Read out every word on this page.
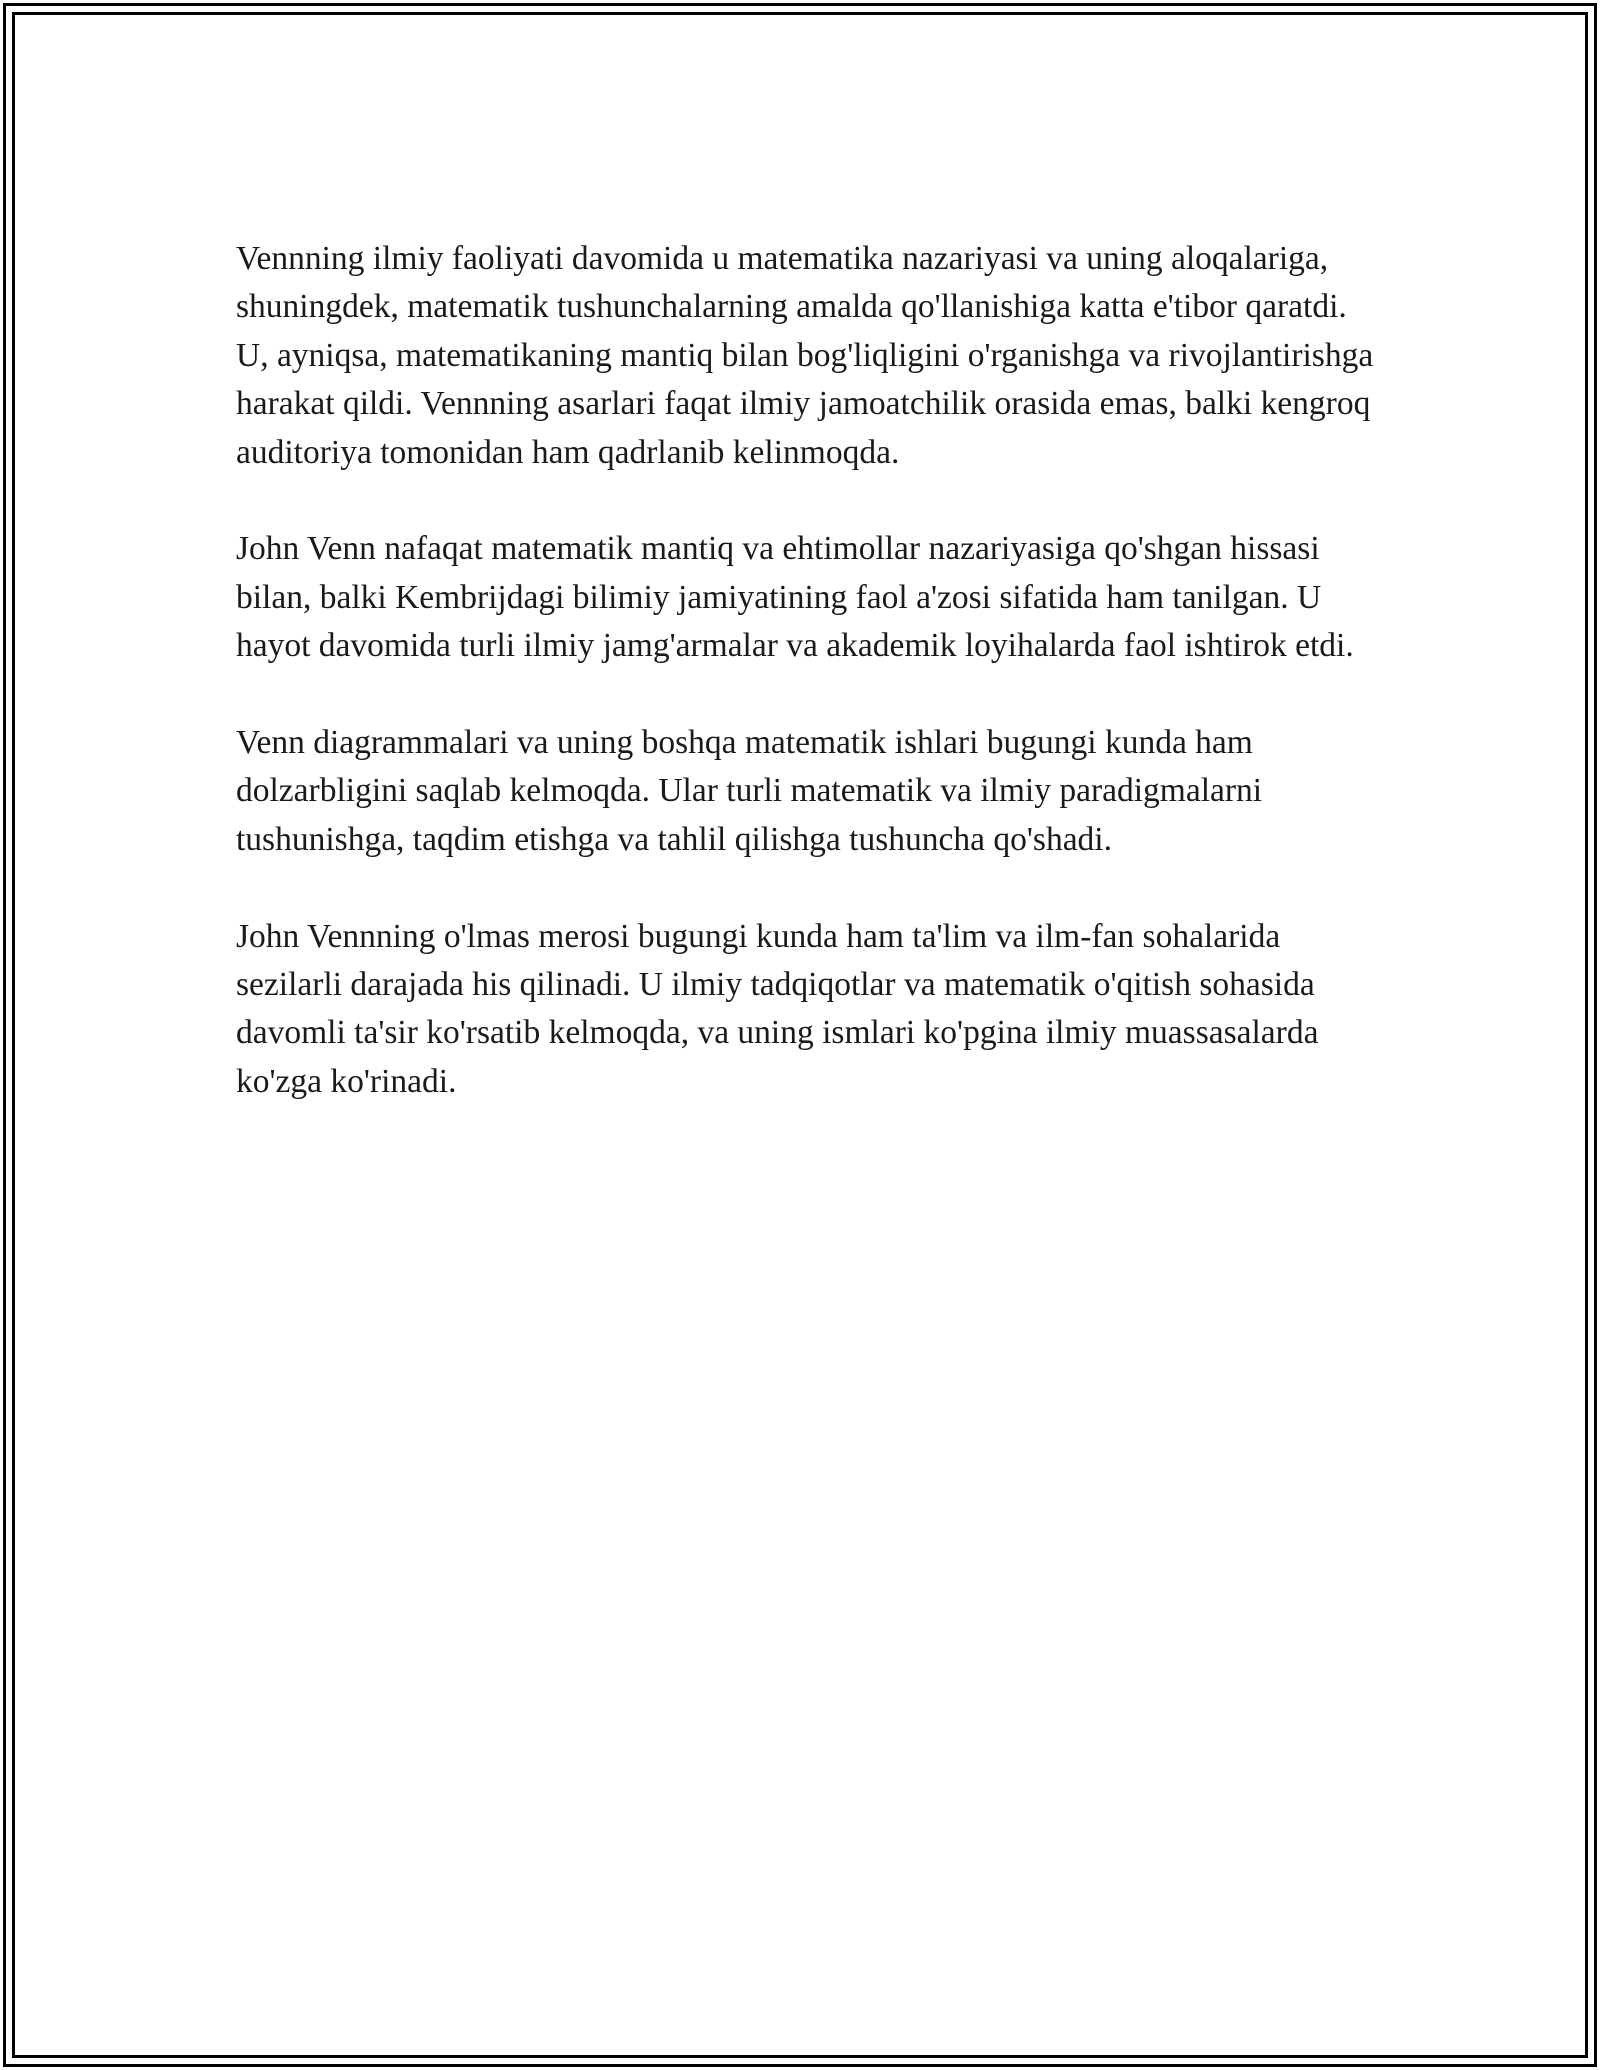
Vennning ilmiy faoliyati davomida u matematika nazariyasi va uning aloqalariga, shuningdek, matematik tushunchalarning amalda qo'llanishiga katta e'tibor qaratdi. U, ayniqsa, matematikaning mantiq bilan bog'liqligini o'rganishga va rivojlantirishga harakat qildi. Vennning asarlari faqat ilmiy jamoatchilik orasida emas, balki kengroq auditoriya tomonidan ham qadrlanib kelinmoqda.

John Venn nafaqat matematik mantiq va ehtimollar nazariyasiga qo'shgan hissasi bilan, balki Kembrijdagi bilimiy jamiyatining faol a'zosi sifatida ham tanilgan. U hayot davomida turli ilmiy jamg'armalar va akademik loyihalarda faol ishtirok etdi.

Venn diagrammalari va uning boshqa matematik ishlari bugungi kunda ham dolzarbligini saqlab kelmoqda. Ular turli matematik va ilmiy paradigmalarni tushunishga, taqdim etishga va tahlil qilishga tushuncha qo'shadi.

John Vennning o'lmas merosi bugungi kunda ham ta'lim va ilm-fan sohalarida sezilarli darajada his qilinadi. U ilmiy tadqiqotlar va matematik o'qitish sohasida davomli ta'sir ko'rsatib kelmoqda, va uning ismlari ko'pgina ilmiy muassasalarda ko'zga ko'rinadi.
